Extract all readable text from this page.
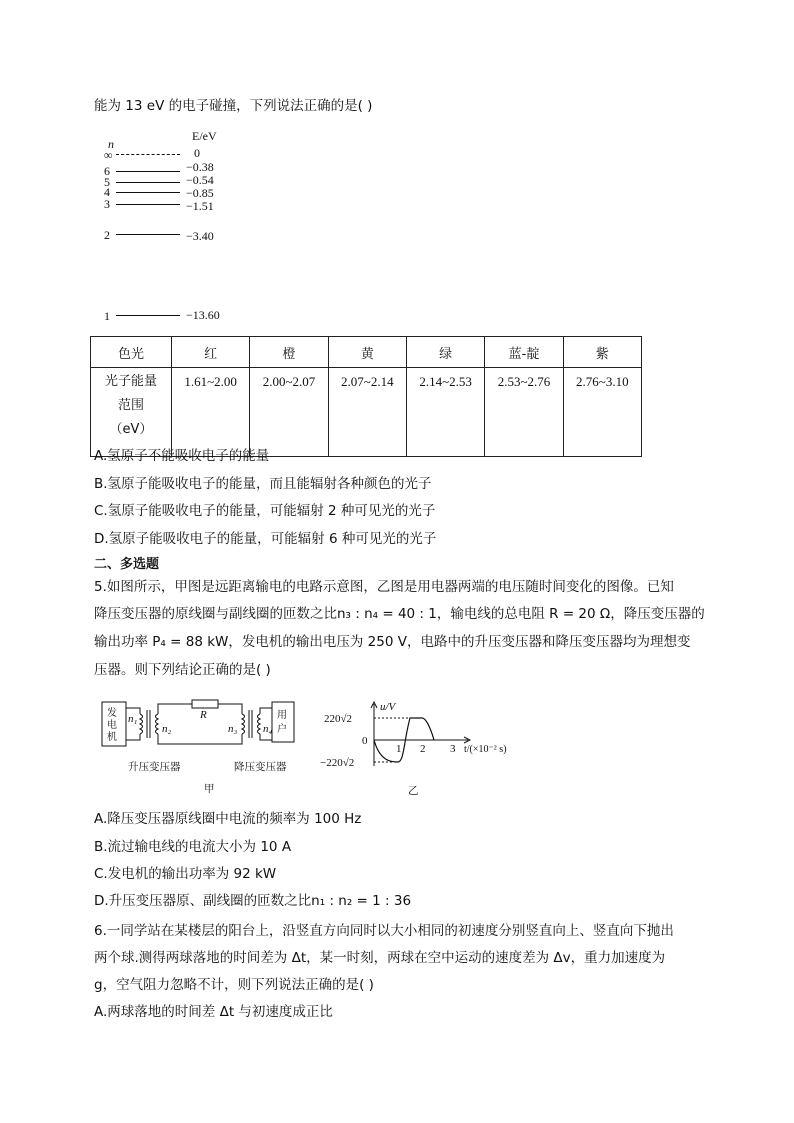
能为 13 eV 的电子碰撞，下列说法正确的是( )
n
E/eV
∞
6
5
4
3
2
1
0
−0.38
−0.54
−0.85
−1.51
−3.40
−13.60
色光	红	橙	黄	绿	蓝-靛	紫

光子能量
范围
（eV）	1.61~2.00	2.00~2.07	2.07~2.14	2.14~2.53	2.53~2.76	2.76~3.10
A.氢原子不能吸收电子的能量
B.氢原子能吸收电子的能量，而且能辐射各种颜色的光子
C.氢原子能吸收电子的能量，可能辐射 2 种可见光的光子
D.氢原子能吸收电子的能量，可能辐射 6 种可见光的光子
二、多选题
5.如图所示，甲图是远距离输电的电路示意图，乙图是用电器两端的电压随时间变化的图像。已知
降压变压器的原线圈与副线圈的匝数之比n₃ : n₄ = 40 : 1，输电线的总电阻 R = 20 Ω，降压变压器的
输出功率 P₄ = 88 kW，发电机的输出电压为 250 V，电路中的升压变压器和降压变压器均为理想变
压器。则下列结论正确的是( )
发
电
机
用
户
n₁
n₂
R
n₃ n₄
升压变压器	降压变压器
甲
u/V
220√2
0
−220√2
1 2 3 t/(×10⁻² s)
乙
A.降压变压器原线圈中电流的频率为 100 Hz
B.流过输电线的电流大小为 10 A
C.发电机的输出功率为 92 kW
D.升压变压器原、副线圈的匝数之比n₁ : n₂ = 1 : 36
6.一同学站在某楼层的阳台上，沿竖直方向同时以大小相同的初速度分别竖直向上、竖直向下抛出
两个球.测得两球落地的时间差为 Δt，某一时刻，两球在空中运动的速度差为 Δv，重力加速度为
g，空气阻力忽略不计，则下列说法正确的是( )
A.两球落地的时间差 Δt 与初速度成正比
